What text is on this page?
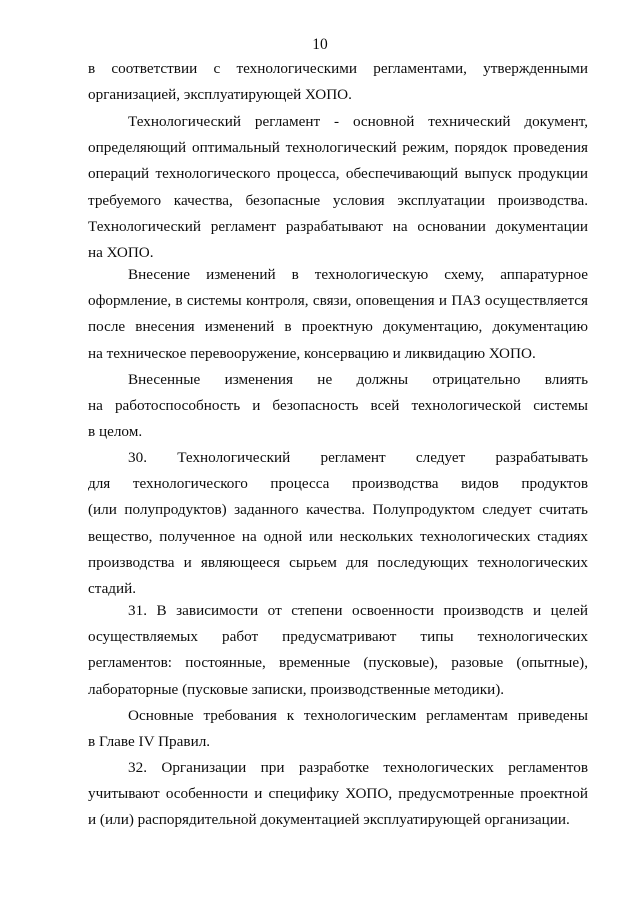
10
в соответствии с технологическими регламентами, утвержденными
организацией, эксплуатирующей ХОПО.
Технологический регламент - основной технический документ,
определяющий оптимальный технологический режим, порядок проведения
операций технологического процесса, обеспечивающий выпуск продукции
требуемого качества, безопасные условия эксплуатации производства.
Технологический регламент разрабатывают на основании документации
на ХОПО.
Внесение изменений в технологическую схему, аппаратурное
оформление, в системы контроля, связи, оповещения и ПАЗ осуществляется
после внесения изменений в проектную документацию, документацию
на техническое перевооружение, консервацию и ликвидацию ХОПО.
Внесенные изменения не должны отрицательно влиять
на работоспособность и безопасность всей технологической системы
в целом.
30. Технологический регламент следует разрабатывать
для технологического процесса производства видов продуктов
(или полупродуктов) заданного качества. Полупродуктом следует считать
вещество, полученное на одной или нескольких технологических стадиях
производства и являющееся сырьем для последующих технологических
стадий.
31. В зависимости от степени освоенности производств и целей
осуществляемых работ предусматривают типы технологических
регламентов: постоянные, временные (пусковые), разовые (опытные),
лабораторные (пусковые записки, производственные методики).
Основные требования к технологическим регламентам приведены
в Главе IV Правил.
32. Организации при разработке технологических регламентов
учитывают особенности и специфику ХОПО, предусмотренные проектной
и (или) распорядительной документацией эксплуатирующей организации.
